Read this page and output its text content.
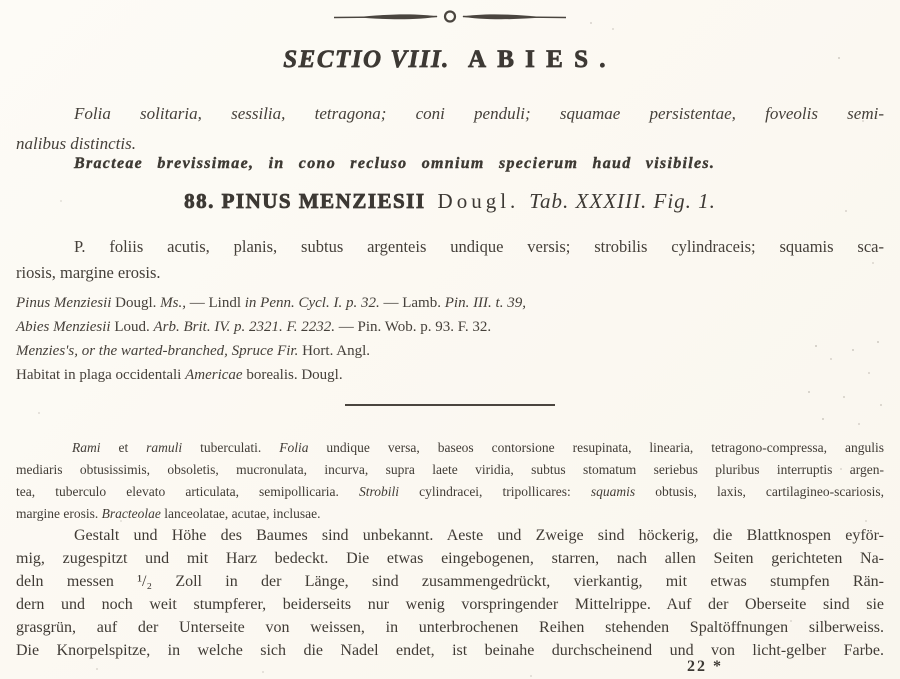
SECTIO VIII. ABIES.
Folia solitaria, sessilia, tetragona; coni penduli; squamae persistentae, foveolis semi-
nalibus distinctis.
Bracteae brevissimae, in cono recluso omnium specierum haud visibiles.
88. PINUS MENZIESII Dougl. Tab. XXXIII. Fig. 1.
P. foliis acutis, planis, subtus argenteis undique versis; strobilis cylindraceis; squamis sca-
riosis, margine erosis.
Pinus Menziesii Dougl. Ms., — Lindl in Penn. Cycl. I. p. 32. — Lamb. Pin. III. t. 39,
Abies Menziesii Loud. Arb. Brit. IV. p. 2321. F. 2232. — Pin. Wob. p. 93. F. 32.
Menzies's, or the warted-branched, Spruce Fir. Hort. Angl.
Habitat in plaga occidentali Americae borealis. Dougl.
Rami et ramuli tuberculati. Folia undique versa, baseos contorsione resupinata, linearia, tetragono-compressa, angulis
mediaris obtusissimis, obsoletis, mucronulata, incurva, supra laete viridia, subtus stomatum seriebus pluribus interruptis argen-
tea, tuberculo elevato articulata, semipollicaria. Strobili cylindracei, tripollicares: squamis obtusis, laxis, cartilagineo-scariosis,
margine erosis. Bracteolae lanceolatae, acutae, inclusae.
Gestalt und Höhe des Baumes sind unbekannt. Aeste und Zweige sind höckerig, die Blattknospen eyför-
mig, zugespitzt und mit Harz bedeckt. Die etwas eingebogenen, starren, nach allen Seiten gerichteten Na-
deln messen ¹/₂ Zoll in der Länge, sind zusammengedrückt, vierkantig, mit etwas stumpfen Rän-
dern und noch weit stumpferer, beiderseits nur wenig vorspringender Mittelrippe. Auf der Oberseite sind sie
grasgrün, auf der Unterseite von weissen, in unterbrochenen Reihen stehenden Spaltöffnungen silberweiss.
Die Knorpelspitze, in welche sich die Nadel endet, ist beinahe durchscheinend und von licht-gelber Farbe.
22 *
